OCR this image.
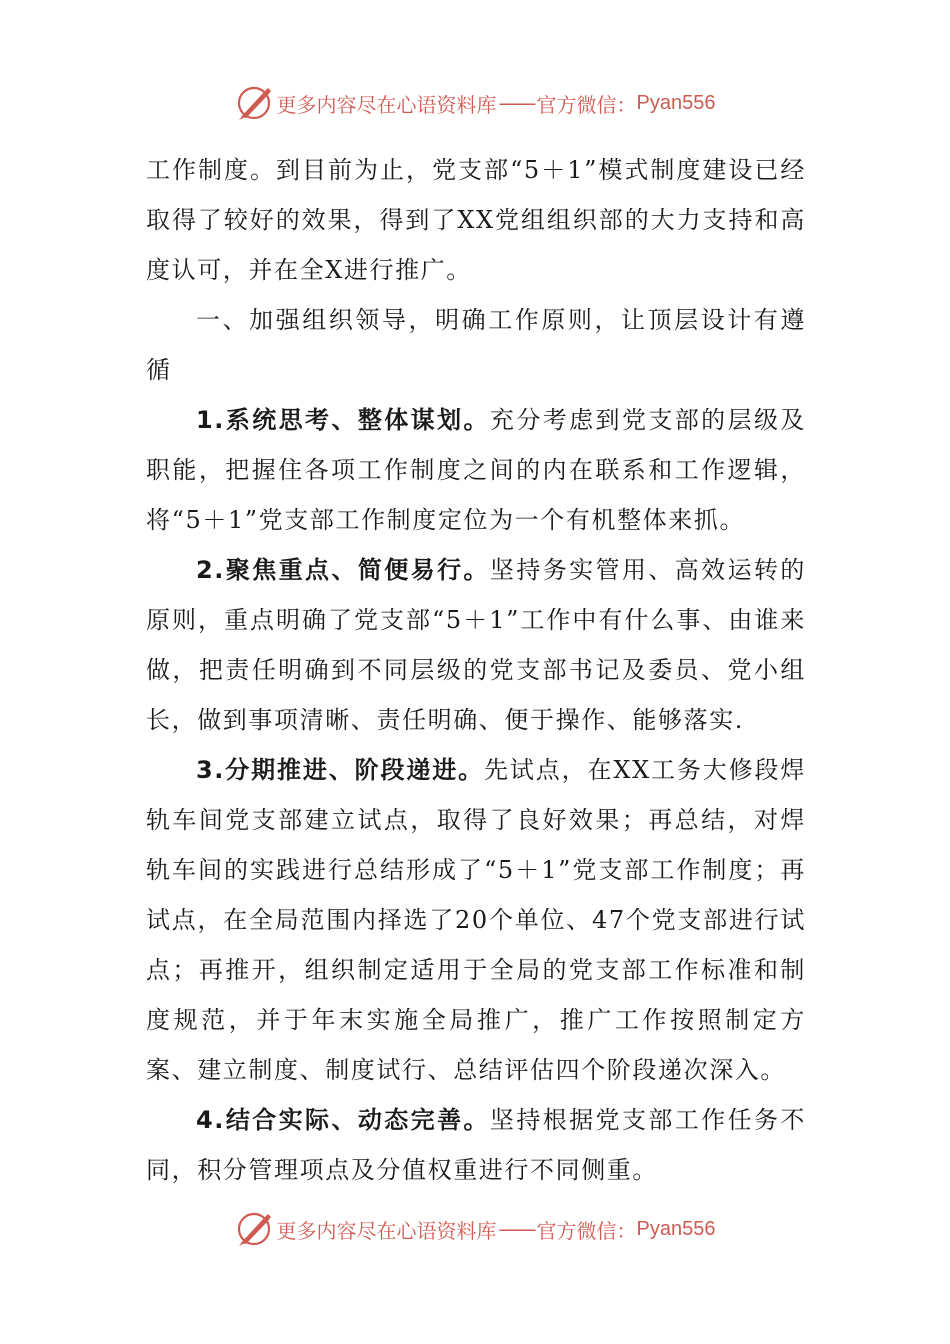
更多内容尽在心语资料库 —— 官方微信： Pyan556

工作制度。到目前为止，党支部“5＋1”模式制度建设已经取得了较好的效果，得到了XX党组组织部的大力支持和高度认可，并在全X进行推广。

一、加强组织领导，明确工作原则，让顶层设计有遵循

1.系统思考、整体谋划。充分考虑到党支部的层级及职能，把握住各项工作制度之间的内在联系和工作逻辑，将“5＋1”党支部工作制度定位为一个有机整体来抓。

2.聚焦重点、简便易行。坚持务实管用、高效运转的原则，重点明确了党支部“5＋1”工作中有什么事、由谁来做，把责任明确到不同层级的党支部书记及委员、党小组长，做到事项清晰、责任明确、便于操作、能够落实.

3.分期推进、阶段递进。先试点，在XX工务大修段焊轨车间党支部建立试点，取得了良好效果；再总结，对焊轨车间的实践进行总结形成了“5＋1”党支部工作制度；再试点，在全局范围内择选了20个单位、47个党支部进行试点；再推开，组织制定适用于全局的党支部工作标准和制度规范，并于年末实施全局推广，推广工作按照制定方案、建立制度、制度试行、总结评估四个阶段递次深入。

4.结合实际、动态完善。坚持根据党支部工作任务不同，积分管理项点及分值权重进行不同侧重。

更多内容尽在心语资料库 —— 官方微信： Pyan556
